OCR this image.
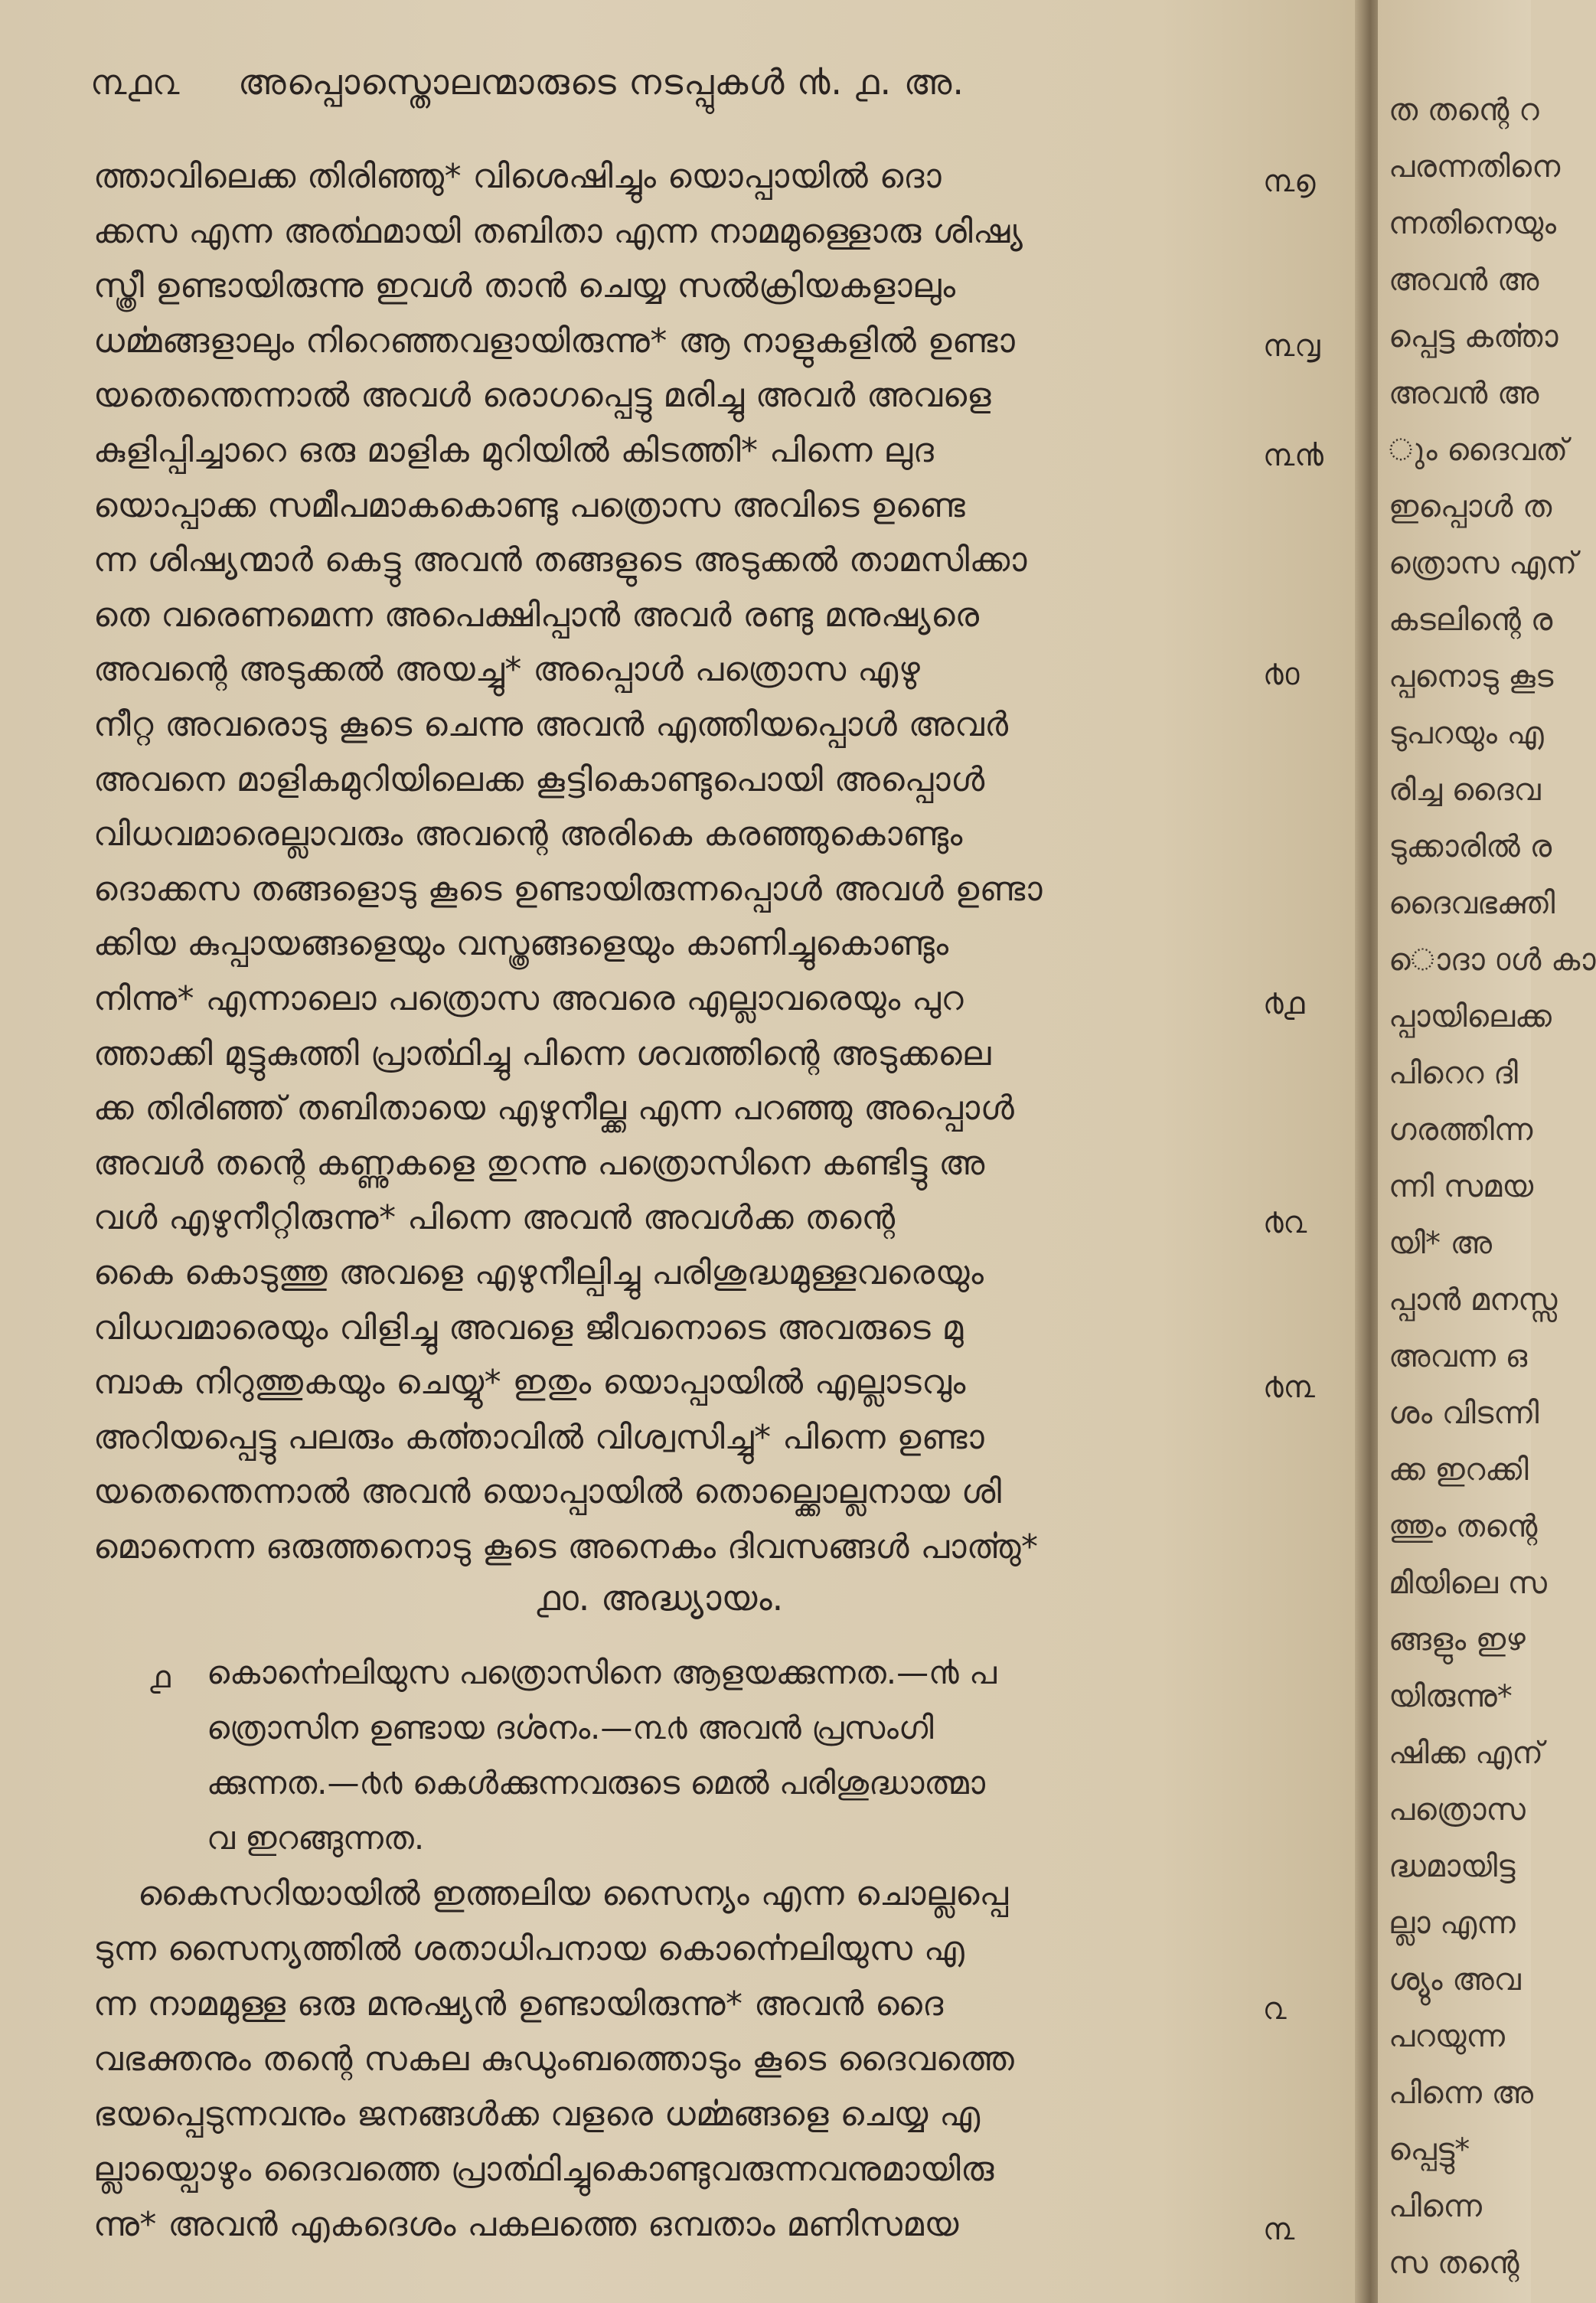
൩൧൨ അപ്പൊസ്തൊലന്മാരുടെ നടപ്പുകൾ ൯. ൧. അ.
ത്താവിലെക്ക തിരിഞ്ഞു* വിശെഷിച്ചും യൊപ്പായിൽ ദൊ
ക്കസ എന്ന അൎത്ഥമായി തബിതാ എന്ന നാമമുള്ളൊരു ശിഷ്യ
സ്ത്രീ ഉണ്ടായിരുന്നു ഇവൾ താൻ ചെയ്യ സൽക്രിയകളാലും
ധൎമ്മങ്ങളാലും നിറെഞ്ഞവളായിരുന്നു* ആ നാളുകളിൽ ഉണ്ടാ
യതെന്തെന്നാൽ അവൾ രൊഗപ്പെട്ടു മരിച്ചു അവർ അവളെ
കുളിപ്പിച്ചാറെ ഒരു മാളിക മുറിയിൽ കിടത്തി* പിന്നെ ലുദ
യൊപ്പാക്ക സമീപമാകകൊണ്ടു പത്രൊസ അവിടെ ഉണ്ടെ
ന്ന ശിഷ്യന്മാർ കെട്ടു അവൻ തങ്ങളുടെ അടുക്കൽ താമസിക്കാ
തെ വരെണമെന്ന അപെക്ഷിപ്പാൻ അവർ രണ്ടു മനുഷ്യരെ
അവന്റെ അടുക്കൽ അയച്ചു* അപ്പൊൾ പത്രൊസ എഴു
നീറ്റ അവരൊടു കൂടെ ചെന്നു അവൻ എത്തിയപ്പൊൾ അവർ
അവനെ മാളികമുറിയിലെക്ക കൂട്ടികൊണ്ടുപൊയി അപ്പൊൾ
വിധവമാരെല്ലാവരും അവന്റെ അരികെ കരഞ്ഞുകൊണ്ടും
ദൊക്കസ തങ്ങളൊടു കൂടെ ഉണ്ടായിരുന്നപ്പൊൾ അവൾ ഉണ്ടാ
ക്കിയ കുപ്പായങ്ങളെയും വസ്ത്രങ്ങളെയും കാണിച്ചുകൊണ്ടും
നിന്നു* എന്നാലൊ പത്രൊസ അവരെ എല്ലാവരെയും പുറ
ത്താക്കി മുട്ടുകുത്തി പ്രാൎത്ഥിച്ചു പിന്നെ ശവത്തിന്റെ അടുക്കലെ
ക്ക തിരിഞ്ഞ് തബിതായെ എഴുനീല്ക്ക എന്ന പറഞ്ഞു അപ്പൊൾ
അവൾ തന്റെ കണ്ണുകളെ തുറന്നു പത്രൊസിനെ കണ്ടിട്ടു അ
വൾ എഴുനീറ്റിരുന്നു* പിന്നെ അവൻ അവൾക്ക തന്റെ
കൈ കൊടുത്തു അവളെ എഴുനീല്പിച്ചു പരിശുദ്ധമുള്ളവരെയും
വിധവമാരെയും വിളിച്ചു അവളെ ജീവനൊടെ അവരുടെ മു
മ്പാക നിറുത്തുകയും ചെയ്യു* ഇതും യൊപ്പായിൽ എല്ലാടവും
അറിയപ്പെട്ടു പലരും കൎത്താവിൽ വിശ്വസിച്ചു* പിന്നെ ഉണ്ടാ
യതെന്തെന്നാൽ അവൻ യൊപ്പായിൽ തൊല്ക്കൊല്ലനായ ശി
മൊനെന്ന ഒരുത്തനൊടു കൂടെ അനെകം ദിവസങ്ങൾ പാൎത്തു*
൩൭
൩൮
൩൯
൪൦
൪൧
൪൨
൪൩
൧൦. അദ്ധ്യായം.
൧ കൊൎന്നെലിയുസ പത്രൊസിനെ ആളയക്കുന്നത.—൯ പ
ത്രൊസിന ഉണ്ടായ ദൎശനം.—൩൪ അവൻ പ്രസംഗി
ക്കുന്നത.—൪൪ കെൾക്കുന്നവരുടെ മെൽ പരിശുദ്ധാത്മാ
വ ഇറങ്ങുന്നത.
കൈസറിയായിൽ ഇത്തലിയ സൈന്യം എന്ന ചൊല്ലപ്പെ
ടുന്ന സൈന്യത്തിൽ ശതാധിപനായ കൊൎന്നെലിയുസ എ
ന്ന നാമമുള്ള ഒരു മനുഷ്യൻ ഉണ്ടായിരുന്നു* അവൻ ദൈ
വഭക്തനും തന്റെ സകല കുഡുംബത്തൊടും കൂടെ ദൈവത്തെ
ഭയപ്പെടുന്നവനും ജനങ്ങൾക്ക വളരെ ധൎമ്മങ്ങളെ ചെയ്യ എ
ല്ലായ്പൊഴും ദൈവത്തെ പ്രാൎത്ഥിച്ചുകൊണ്ടുവരുന്നവനുമായിരു
ന്നു* അവൻ എകദെശം പകലത്തെ ഒമ്പതാം മണിസമയ
൨
൩
ത തന്റെ റ
പരന്നതിനെ
ന്നതിനെയും
അവൻ അ
പ്പെട്ട കൎത്താ
അവൻ അ
ും ദൈവത്
ഇപ്പൊൾ ത
ത്രൊസ എന്
കടലിന്റെ ര
പ്പനൊടു കൂട
ടുപറയും എ
രിച്ച ദൈവ
ടുക്കാരിൽ ര
ദൈവഭക്തി
ൊദാ ൦ൾ കാ
പ്പായിലെക്ക
പിറെറ ദി
ഗരത്തിന്ന
ന്നി സമയ
യി* അ
പ്പാൻ മനസ്സ
അവന്ന ഒ
ശം വിടന്നി
ക്ക ഇറക്കി
ത്തും തന്റെ
മിയിലെ സ
ങ്ങളും ഇഴ
യിരുന്നു*
ഷിക്ക എന്
പത്രൊസ
ദ്ധമായിട്ട
ല്ലാ എന്ന
ശ്യും അവ
പറയുന്ന
പിന്നെ അ
പ്പെട്ടു*
പിന്നെ
സ തന്റെ
